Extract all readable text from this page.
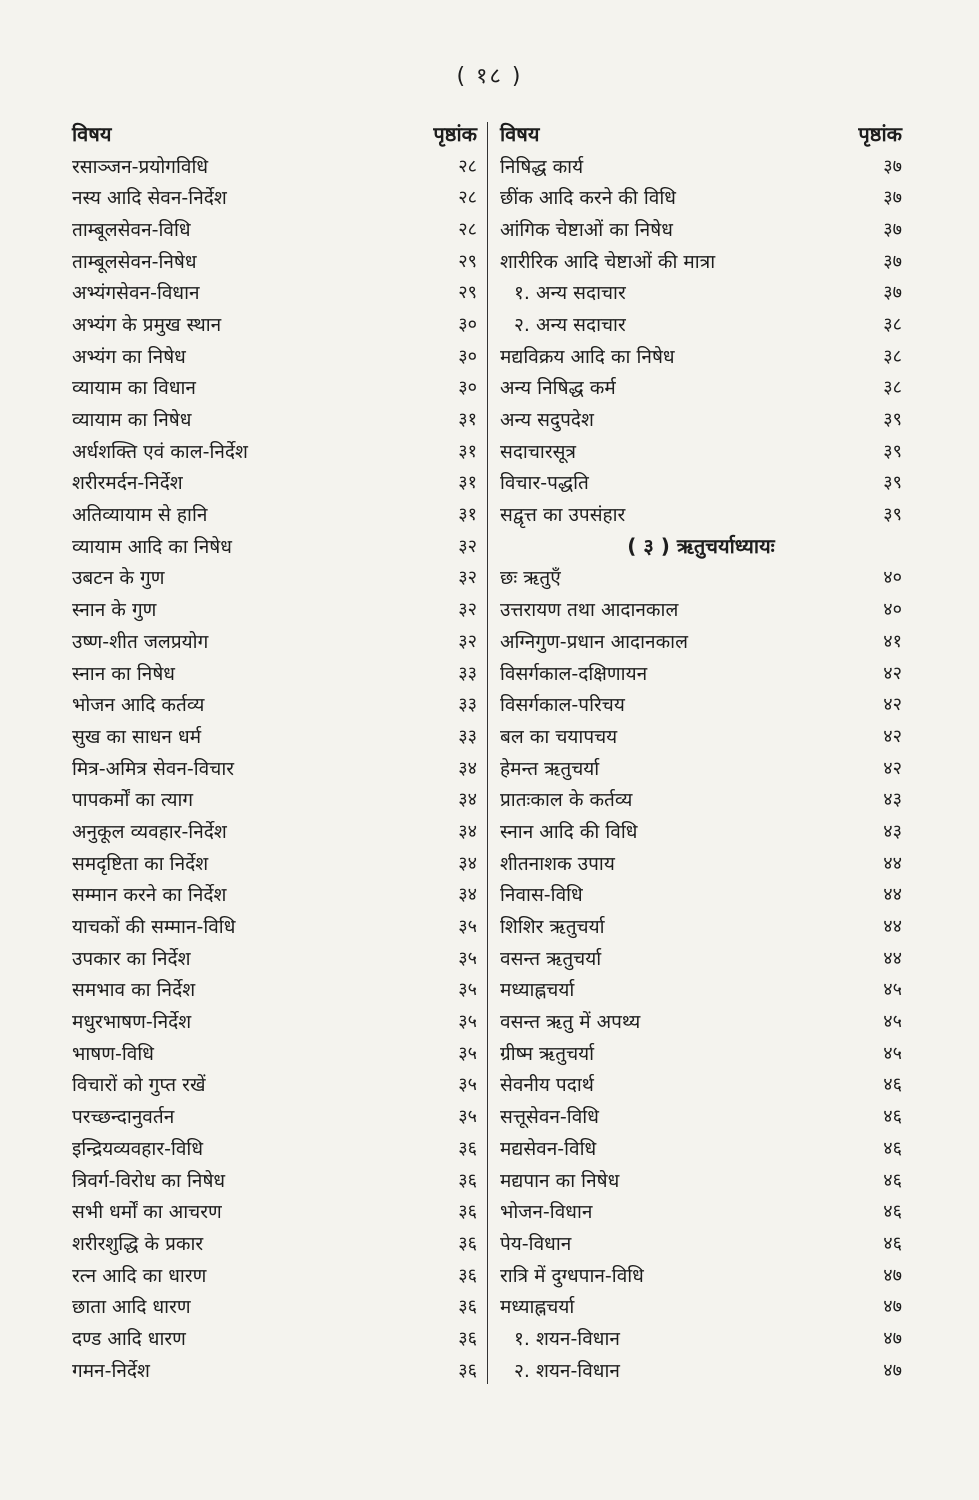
( १८ )
विषय	पृष्ठांक
रसाञ्जन-प्रयोगविधि	२८
नस्य आदि सेवन-निर्देश	२८
ताम्बूलसेवन-विधि	२८
ताम्बूलसेवन-निषेध	२९
अभ्यंगसेवन-विधान	२९
अभ्यंग के प्रमुख स्थान	३०
अभ्यंग का निषेध	३०
व्यायाम का विधान	३०
व्यायाम का निषेध	३१
अर्धशक्ति एवं काल-निर्देश	३१
शरीरमर्दन-निर्देश	३१
अतिव्यायाम से हानि	३१
व्यायाम आदि का निषेध	३२
उबटन के गुण	३२
स्नान के गुण	३२
उष्ण-शीत जलप्रयोग	३२
स्नान का निषेध	३३
भोजन आदि कर्तव्य	३३
सुख का साधन धर्म	३३
मित्र-अमित्र सेवन-विचार	३४
पापकर्मों का त्याग	३४
अनुकूल व्यवहार-निर्देश	३४
समदृष्टिता का निर्देश	३४
सम्मान करने का निर्देश	३४
याचकों की सम्मान-विधि	३५
उपकार का निर्देश	३५
समभाव का निर्देश	३५
मधुरभाषण-निर्देश	३५
भाषण-विधि	३५
विचारों को गुप्त रखें	३५
परच्छन्दानुवर्तन	३५
इन्द्रियव्यवहार-विधि	३६
त्रिवर्ग-विरोध का निषेध	३६
सभी धर्मों का आचरण	३६
शरीरशुद्धि के प्रकार	३६
रत्न आदि का धारण	३६
छाता आदि धारण	३६
दण्ड आदि धारण	३६
गमन-निर्देश	३६
विषय	पृष्ठांक
निषिद्ध कार्य	३७
छींक आदि करने की विधि	३७
आंगिक चेष्टाओं का निषेध	३७
शारीरिक आदि चेष्टाओं की मात्रा	३७
१. अन्य सदाचार	३७
२. अन्य सदाचार	३८
मद्यविक्रय आदि का निषेध	३८
अन्य निषिद्ध कर्म	३८
अन्य सदुपदेश	३९
सदाचारसूत्र	३९
विचार-पद्धति	३९
सद्वृत्त का उपसंहार	३९
( ३ ) ऋतुचर्याध्यायः
छः ऋतुएँ	४०
उत्तरायण तथा आदानकाल	४०
अग्निगुण-प्रधान आदानकाल	४१
विसर्गकाल-दक्षिणायन	४२
विसर्गकाल-परिचय	४२
बल का चयापचय	४२
हेमन्त ऋतुचर्या	४२
प्रातःकाल के कर्तव्य	४३
स्नान आदि की विधि	४३
शीतनाशक उपाय	४४
निवास-विधि	४४
शिशिर ऋतुचर्या	४४
वसन्त ऋतुचर्या	४४
मध्याह्नचर्या	४५
वसन्त ऋतु में अपथ्य	४५
ग्रीष्म ऋतुचर्या	४५
सेवनीय पदार्थ	४६
सत्तूसेवन-विधि	४६
मद्यसेवन-विधि	४६
मद्यपान का निषेध	४६
भोजन-विधान	४६
पेय-विधान	४६
रात्रि में दुग्धपान-विधि	४७
मध्याह्नचर्या	४७
१. शयन-विधान	४७
२. शयन-विधान	४७
